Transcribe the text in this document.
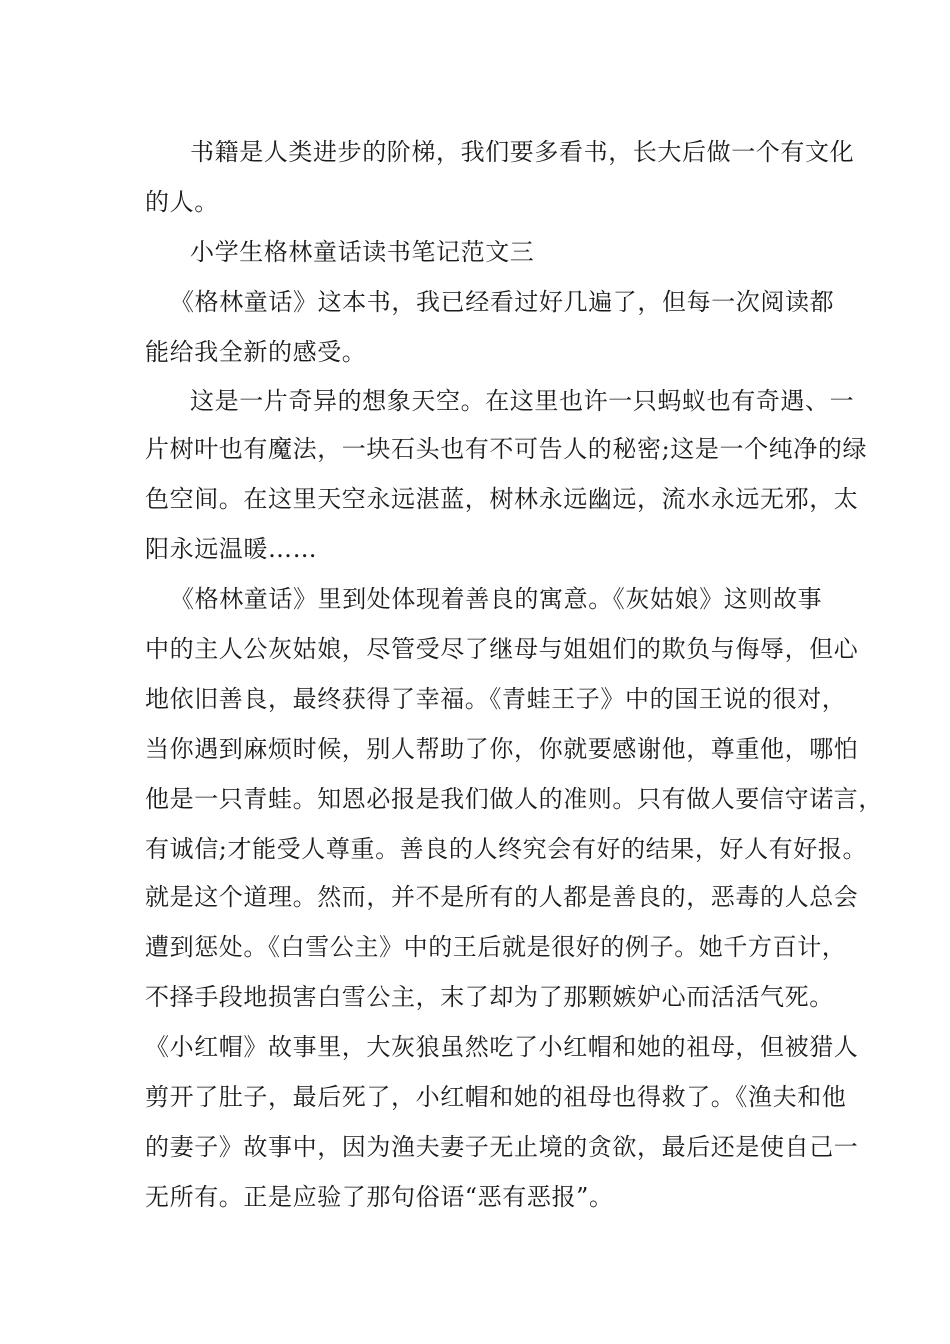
书籍是人类进步的阶梯，我们要多看书，长大后做一个有文化

的人。

小学生格林童话读书笔记范文三

《格林童话》这本书，我已经看过好几遍了，但每一次阅读都

能给我全新的感受。

这是一片奇异的想象天空。在这里也许一只蚂蚁也有奇遇、一

片树叶也有魔法，一块石头也有不可告人的秘密;这是一个纯净的绿

色空间。在这里天空永远湛蓝，树林永远幽远，流水永远无邪，太

阳永远温暖……

《格林童话》里到处体现着善良的寓意。《灰姑娘》这则故事

中的主人公灰姑娘，尽管受尽了继母与姐姐们的欺负与侮辱，但心

地依旧善良，最终获得了幸福。《青蛙王子》中的国王说的很对，

当你遇到麻烦时候，别人帮助了你，你就要感谢他，尊重他，哪怕

他是一只青蛙。知恩必报是我们做人的准则。只有做人要信守诺言，

有诚信;才能受人尊重。善良的人终究会有好的结果，好人有好报。

就是这个道理。然而，并不是所有的人都是善良的，恶毒的人总会

遭到惩处。《白雪公主》中的王后就是很好的例子。她千方百计，

不择手段地损害白雪公主，末了却为了那颗嫉妒心而活活气死。

《小红帽》故事里，大灰狼虽然吃了小红帽和她的祖母，但被猎人

剪开了肚子，最后死了，小红帽和她的祖母也得救了。《渔夫和他

的妻子》故事中，因为渔夫妻子无止境的贪欲，最后还是使自己一

无所有。正是应验了那句俗语“恶有恶报”。
